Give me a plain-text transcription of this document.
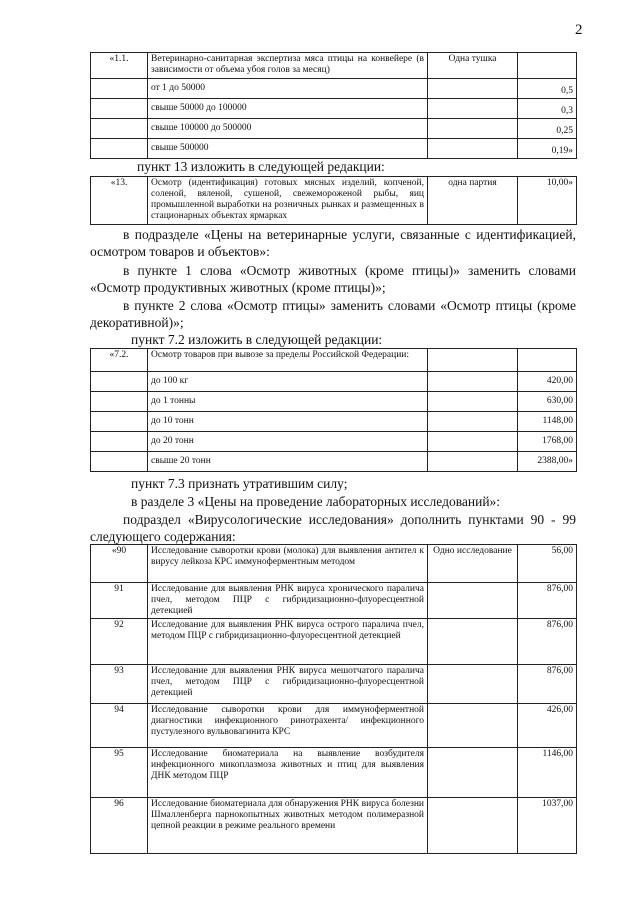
2
«1.1.	Ветеринарно-санитарная экспертиза мяса птицы на конвейере (в зависимости от объема убоя голов за месяц)	Одна тушка	
	от 1 до 50000		0,5
	свыше 50000 до 100000		0,3
	свыше 100000 до 500000		0,25
	свыше 500000		0,19»
пункт 13 изложить в следующей редакции:
«13.	Осмотр (идентификация) готовых мясных изделий, копченой, соленой, вяленой, сушеной, свежемороженой рыбы, яиц промышленной выработки на розничных рынках и размещенных в стационарных объектах ярмарках	одна партия	10,00»
в подразделе «Цены на ветеринарные услуги, связанные с идентификацией, осмотром товаров и объектов»:
в пункте 1 слова «Осмотр животных (кроме птицы)» заменить словами «Осмотр продуктивных животных (кроме птицы)»;
в пункте 2 слова «Осмотр птицы» заменить словами «Осмотр птицы (кроме декоративной)»;
пункт 7.2 изложить в следующей редакции:
«7.2.	Осмотр товаров при вывозе за пределы Российской Федерации:		
	до 100 кг		420,00
	до 1 тонны		630,00
	до 10 тонн		1148,00
	до 20 тонн		1768,00
	свыше 20 тонн		2388,00»
пункт 7.3 признать утратившим силу;
в разделе 3 «Цены на проведение лабораторных исследований»:
подраздел «Вирусологические исследования» дополнить пунктами 90 - 99 следующего содержания:
«90	Исследование сыворотки крови (молока) для выявления антител к вирусу лейкоза КРС иммуноферментным методом	Одно исследование	56,00
91	Исследование для выявления РНК вируса хронического паралича пчел, методом ПЦР с гибридизационно-флуоресцентной детекцией		876,00
92	Исследование для выявления РНК вируса острого паралича пчел, методом ПЦР с гибридизационно-флуоресцентной детекцией		876,00
93	Исследование для выявления РНК вируса мешотчатого паралича пчел, методом ПЦР с гибридизационно-флуоресцентной детекцией		876,00
94	Исследование сыворотки крови для иммуноферментной диагностики инфекционного ринотрахента/ инфекционного пустулезного вульвовагинита КРС		426,00
95	Исследование биоматериала на выявление возбудителя инфекционного микоплазмоза животных и птиц для выявления ДНК методом ПЦР		1146,00
96	Исследование биоматериала для обнаружения РНК вируса болезни Шмалленберга парнокопытных животных методом полимеразной цепной реакции в режиме реального времени		1037,00
